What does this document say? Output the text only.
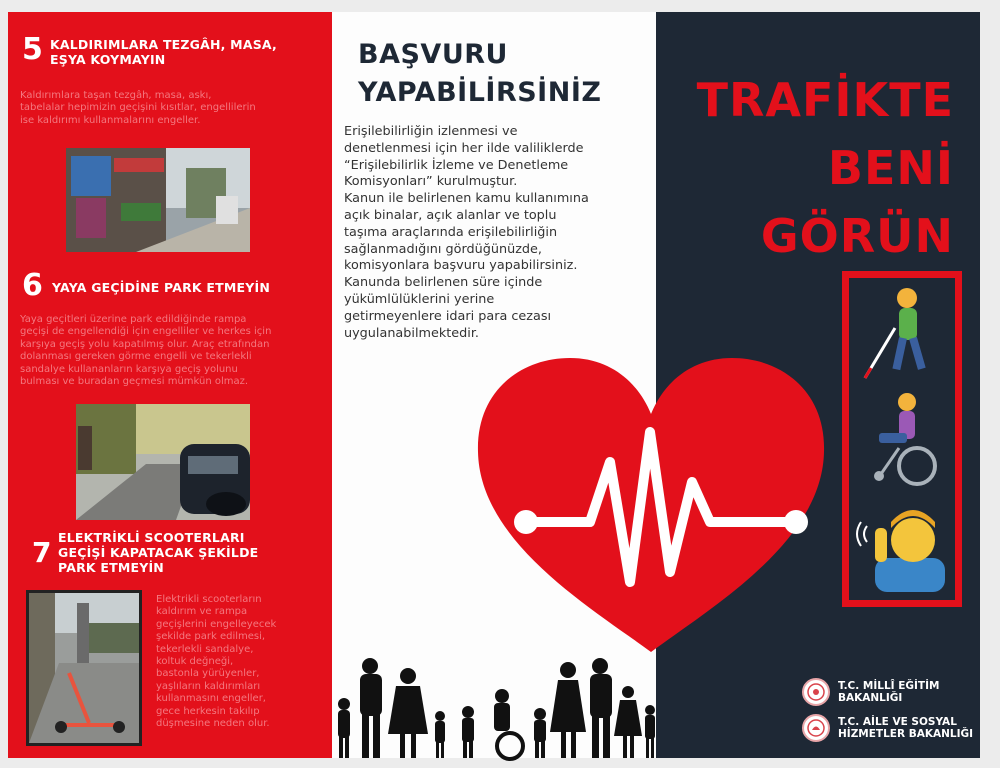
5 KALDIRIMLARA TEZGÂH, MASA,
EŞYA KOYMAYIN
Kaldırımlara taşan tezgâh, masa, askı,
tabelalar hepimizin geçişini kısıtlar, engellilerin
ise kaldırımı kullanmalarını engeller.
6 YAYA GEÇİDİNE PARK ETMEYİN
Yaya geçitleri üzerine park edildiğinde rampa
geçişi de engellendiği için engelliler ve herkes için
karşıya geçiş yolu kapatılmış olur. Araç etrafından
dolanması gereken görme engelli ve tekerlekli
sandalye kullananların karşıya geçiş yolunu
bulması ve buradan geçmesi mümkün olmaz.
7 ELEKTRİKLİ SCOOTERLARI
GEÇİŞİ KAPATACAK ŞEKİLDE
PARK ETMEYİN
Elektrikli scooterların
kaldırım ve rampa
geçişlerini engelleyecek
şekilde park edilmesi,
tekerlekli sandalye,
koltuk değneği,
bastonla yürüyenler,
yaşlıların kaldırımları
kullanmasını engeller,
gece herkesin takılıp
düşmesine neden olur.
BAŞVURU
YAPABİLİRSİNİZ
Erişilebilirliğin izlenmesi ve
denetlenmesi için her ilde valiliklerde
“Erişilebilirlik İzleme ve Denetleme
Komisyonları” kurulmuştur.
Kanun ile belirlenen kamu kullanımına
açık binalar, açık alanlar ve toplu
taşıma araçlarında erişilebilirliğin
sağlanmadığını gördüğünüzde,
komisyonlara başvuru yapabilirsiniz.
Kanunda belirlenen süre içinde
yükümlülüklerini yerine
getirmeyenlere idari para cezası
uygulanabilmektedir.
TRAFİKTE
BENİ
GÖRÜN
T.C. MİLLÎ EĞİTİM
BAKANLIĞI
T.C. AİLE VE SOSYAL
HİZMETLER BAKANLIĞI
